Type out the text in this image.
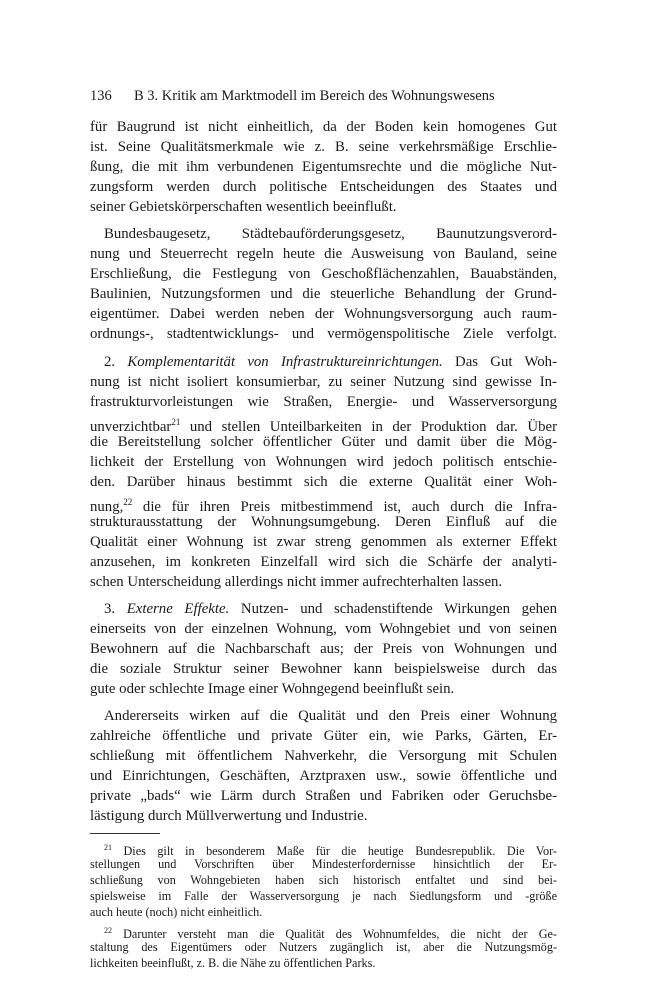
136 B 3. Kritik am Marktmodell im Bereich des Wohnungswesens
für Baugrund ist nicht einheitlich, da der Boden kein homogenes Gut
ist. Seine Qualitätsmerkmale wie z. B. seine verkehrsmäßige Erschlie-
ßung, die mit ihm verbundenen Eigentumsrechte und die mögliche Nut-
zungsform werden durch politische Entscheidungen des Staates und
seiner Gebietskörperschaften wesentlich beeinflußt.
Bundesbaugesetz, Städtebauförderungsgesetz, Baunutzungsverord-
nung und Steuerrecht regeln heute die Ausweisung von Bauland, seine
Erschließung, die Festlegung von Geschoßflächenzahlen, Bauabständen,
Baulinien, Nutzungsformen und die steuerliche Behandlung der Grund-
eigentümer. Dabei werden neben der Wohnungsversorgung auch raum-
ordnungs-, stadtentwicklungs- und vermögenspolitische Ziele verfolgt.
2. Komplementarität von Infrastruktureinrichtungen. Das Gut Woh-
nung ist nicht isoliert konsumierbar, zu seiner Nutzung sind gewisse In-
frastrukturvorleistungen wie Straßen, Energie- und Wasserversorgung
unverzichtbar$^{21}$ und stellen Unteilbarkeiten in der Produktion dar. Über
die Bereitstellung solcher öffentlicher Güter und damit über die Mög-
lichkeit der Erstellung von Wohnungen wird jedoch politisch entschie-
den. Darüber hinaus bestimmt sich die externe Qualität einer Woh-
nung,$^{22}$ die für ihren Preis mitbestimmend ist, auch durch die Infra-
strukturausstattung der Wohnungsumgebung. Deren Einfluß auf die
Qualität einer Wohnung ist zwar streng genommen als externer Effekt
anzusehen, im konkreten Einzelfall wird sich die Schärfe der analyti-
schen Unterscheidung allerdings nicht immer aufrechterhalten lassen.
3. Externe Effekte. Nutzen- und schadenstiftende Wirkungen gehen
einerseits von der einzelnen Wohnung, vom Wohngebiet und von seinen
Bewohnern auf die Nachbarschaft aus; der Preis von Wohnungen und
die soziale Struktur seiner Bewohner kann beispielsweise durch das
gute oder schlechte Image einer Wohngegend beeinflußt sein.
Andererseits wirken auf die Qualität und den Preis einer Wohnung
zahlreiche öffentliche und private Güter ein, wie Parks, Gärten, Er-
schließung mit öffentlichem Nahverkehr, die Versorgung mit Schulen
und Einrichtungen, Geschäften, Arztpraxen usw., sowie öffentliche und
private „bads“ wie Lärm durch Straßen und Fabriken oder Geruchsbe-
lästigung durch Müllverwertung und Industrie.
$^{21}$ Dies gilt in besonderem Maße für die heutige Bundesrepublik. Die Vor-
stellungen und Vorschriften über Mindesterfordernisse hinsichtlich der Er-
schließung von Wohngebieten haben sich historisch entfaltet und sind bei-
spielsweise im Falle der Wasserversorgung je nach Siedlungsform und -größe
auch heute (noch) nicht einheitlich.
$^{22}$ Darunter versteht man die Qualität des Wohnumfeldes, die nicht der Ge-
staltung des Eigentümers oder Nutzers zugänglich ist, aber die Nutzungsmög-
lichkeiten beeinflußt, z. B. die Nähe zu öffentlichen Parks.
